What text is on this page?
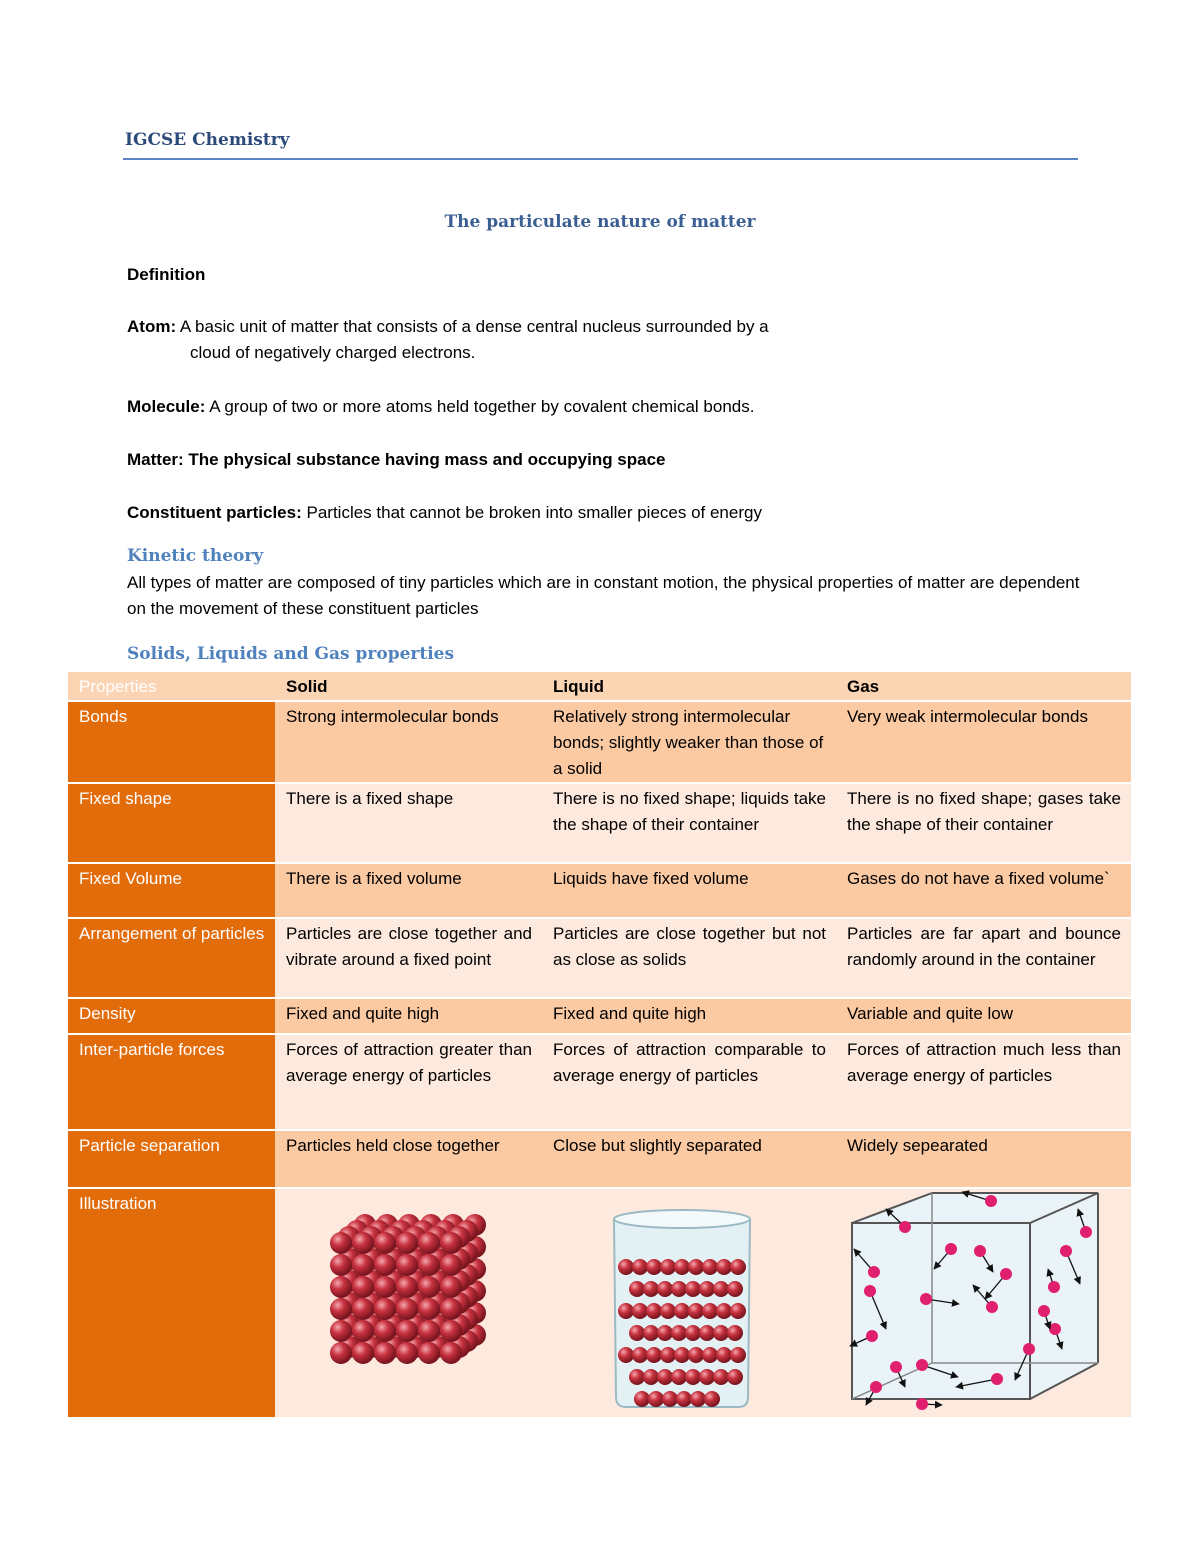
IGCSE Chemistry
The particulate nature of matter
Definition
Atom: A basic unit of matter that consists of a dense central nucleus surrounded by a
cloud of negatively charged electrons.
Molecule: A group of two or more atoms held together by covalent chemical bonds.
Matter: The physical substance having mass and occupying space
Constituent particles: Particles that cannot be broken into smaller pieces of energy
Kinetic theory
All types of matter are composed of tiny particles which are in constant motion, the physical properties of matter are dependent on the movement of these constituent particles
Solids, Liquids and Gas properties
Properties	Solid	Liquid	Gas
Bonds	Strong intermolecular bonds	Relatively strong intermolecular bonds; slightly weaker than those of a solid	Very weak intermolecular bonds
Fixed shape	There is a fixed shape	There is no fixed shape; liquids take the shape of their container	There is no fixed shape; gases take the shape of their container
Fixed Volume	There is a fixed volume	Liquids have fixed volume	Gases do not have a fixed volume`
Arrangement of particles	Particles are close together and vibrate around a fixed point	Particles are close together but not as close as solids	Particles are far apart and bounce randomly around in the container
Density	Fixed and quite high	Fixed and quite high	Variable and quite low
Inter-particle forces	Forces of attraction greater than average energy of particles	Forces of attraction comparable to average energy of particles	Forces of attraction much less than average energy of particles
Particle separation	Particles held close together	Close but slightly separated	Widely sepearated
Illustration	
